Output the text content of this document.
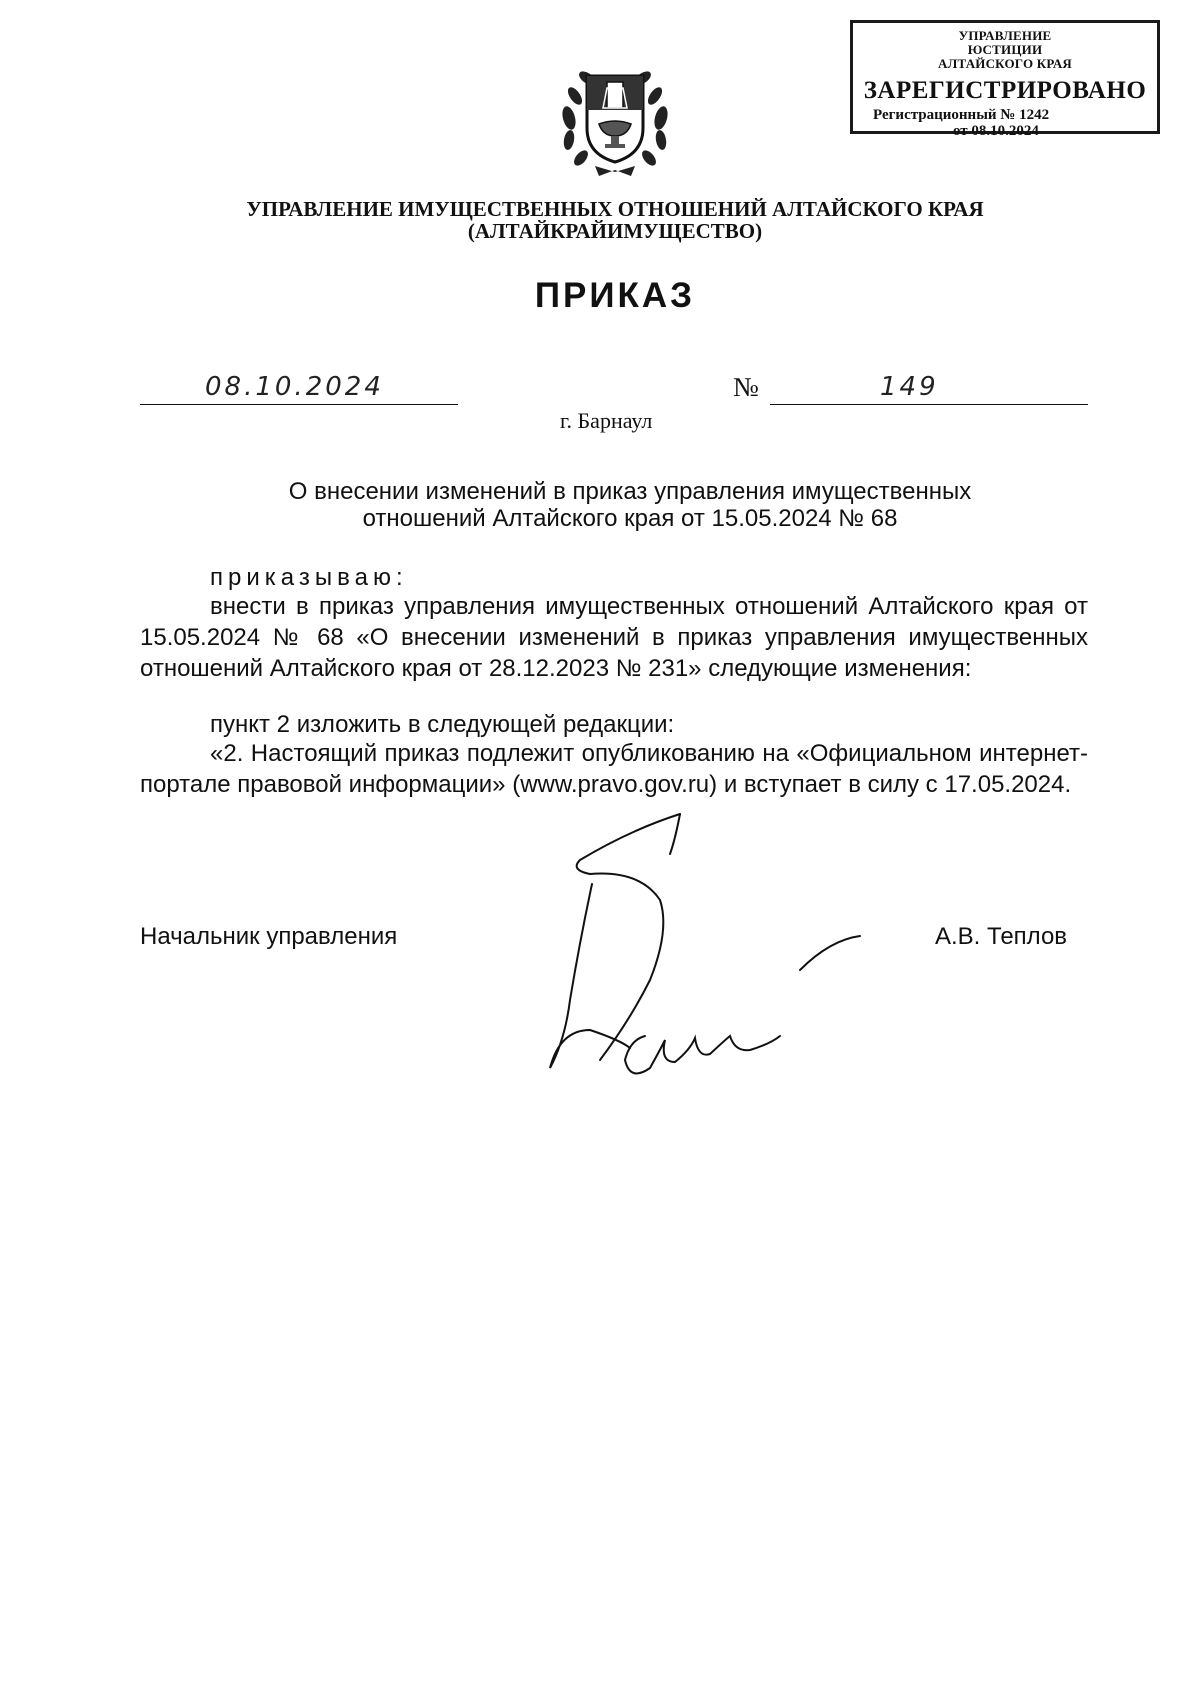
УПРАВЛЕНИЕ ЮСТИЦИИ АЛТАЙСКОГО КРАЯ
ЗАРЕГИСТРИРОВАНО
Регистрационный № 1242
от 08.10.2024
УПРАВЛЕНИЕ ИМУЩЕСТВЕННЫХ ОТНОШЕНИЙ АЛТАЙСКОГО КРАЯ
(АЛТАЙКРАЙИМУЩЕСТВО)
ПРИКАЗ
08.10.2024	№	149
г. Барнаул
О внесении изменений в приказ управления имущественных отношений Алтайского края от 15.05.2024 № 68

приказываю:

внести в приказ управления имущественных отношений Алтайского края от 15.05.2024 № 68 «О внесении изменений в приказ управления имущественных отношений Алтайского края от 28.12.2023 № 231» следующие изменения:

пункт 2 изложить в следующей редакции:

«2. Настоящий приказ подлежит опубликованию на «Официальном интернет-портале правовой информации» (www.pravo.gov.ru) и вступает в силу с 17.05.2024.

Начальник управления	А.В. Теплов
